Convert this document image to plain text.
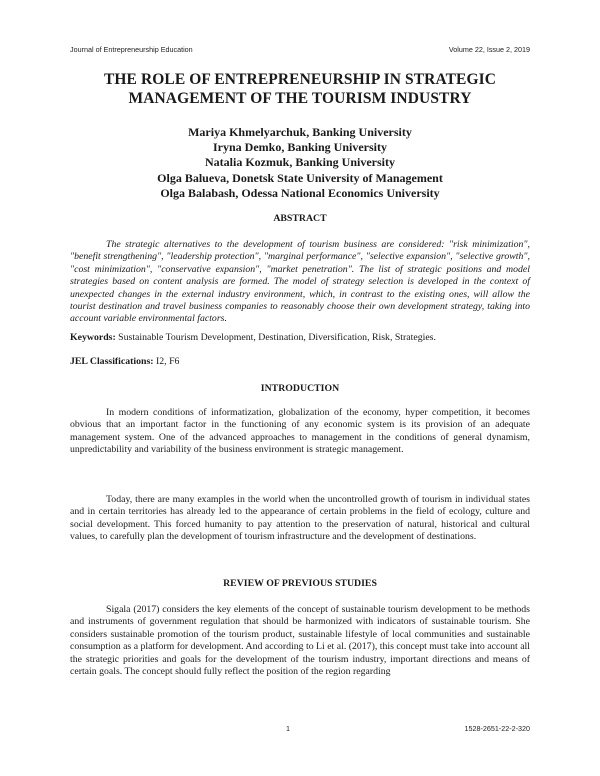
Journal of Entrepreneurship Education	Volume 22, Issue 2, 2019
THE ROLE OF ENTREPRENEURSHIP IN STRATEGIC MANAGEMENT OF THE TOURISM INDUSTRY
Mariya Khmelyarchuk, Banking University
Iryna Demko, Banking University
Natalia Kozmuk, Banking University
Olga Balueva, Donetsk State University of Management
Olga Balabash, Odessa National Economics University
ABSTRACT
The strategic alternatives to the development of tourism business are considered: "risk minimization", "benefit strengthening", "leadership protection", "marginal performance", "selective expansion", "selective growth", "cost minimization", "conservative expansion", "market penetration". The list of strategic positions and model strategies based on content analysis are formed. The model of strategy selection is developed in the context of unexpected changes in the external industry environment, which, in contrast to the existing ones, will allow the tourist destination and travel business companies to reasonably choose their own development strategy, taking into account variable environmental factors.
Keywords: Sustainable Tourism Development, Destination, Diversification, Risk, Strategies.
JEL Classifications: I2, F6
INTRODUCTION
In modern conditions of informatization, globalization of the economy, hyper competition, it becomes obvious that an important factor in the functioning of any economic system is its provision of an adequate management system. One of the advanced approaches to management in the conditions of general dynamism, unpredictability and variability of the business environment is strategic management.
Today, there are many examples in the world when the uncontrolled growth of tourism in individual states and in certain territories has already led to the appearance of certain problems in the field of ecology, culture and social development. This forced humanity to pay attention to the preservation of natural, historical and cultural values, to carefully plan the development of tourism infrastructure and the development of destinations.
REVIEW OF PREVIOUS STUDIES
Sigala (2017) considers the key elements of the concept of sustainable tourism development to be methods and instruments of government regulation that should be harmonized with indicators of sustainable tourism. She considers sustainable promotion of the tourism product, sustainable lifestyle of local communities and sustainable consumption as a platform for development. And according to Li et al. (2017), this concept must take into account all the strategic priorities and goals for the development of the tourism industry, important directions and means of certain goals. The concept should fully reflect the position of the region regarding
1	1528-2651-22-2-320
